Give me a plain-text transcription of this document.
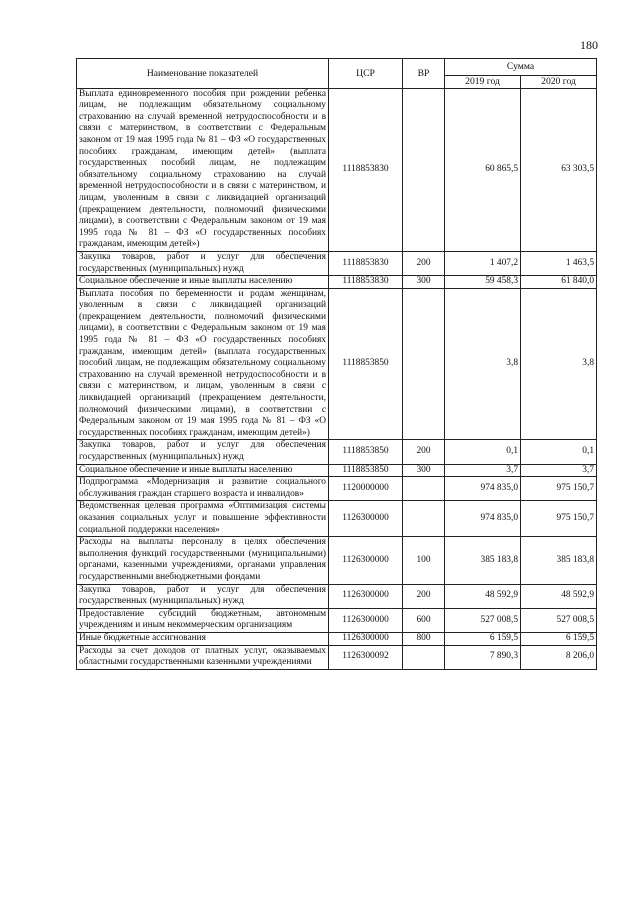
180
Наименование показателей	ЦСР	ВР	Сумма	
			2019 год	2020 год
Выплата единовременного пособия при рождении ребенка лицам, не подлежащим обязательному социальному страхованию на случай временной нетрудоспособности и в связи с материнством, в соответствии с Федеральным законом от 19 мая 1995 года № 81 – ФЗ «О государственных пособиях гражданам, имеющим детей» (выплата государственных пособий лицам, не подлежащим обязательному социальному страхованию на случай временной нетрудоспособности и в связи с материнством, и лицам, уволенным в связи с ликвидацией организаций (прекращением деятельности, полномочий физическими лицами), в соответствии с Федеральным законом от 19 мая 1995 года № 81 – ФЗ «О государственных пособиях гражданам, имеющим детей»)	1118853830		60 865,5	63 303,5
Закупка товаров, работ и услуг для обеспечения государственных (муниципальных) нужд	1118853830	200	1 407,2	1 463,5
Социальное обеспечение и иные выплаты населению	1118853830	300	59 458,3	61 840,0
Выплата пособия по беременности и родам женщинам, уволенным в связи с ликвидацией организаций (прекращением деятельности, полномочий физическими лицами), в соответствии с Федеральным законом от 19 мая 1995 года № 81 – ФЗ «О государственных пособиях гражданам, имеющим детей» (выплата государственных пособий лицам, не подлежащим обязательному социальному страхованию на случай временной нетрудоспособности и в связи с материнством, и лицам, уволенным в связи с ликвидацией организаций (прекращением деятельности, полномочий физическими лицами), в соответствии с Федеральным законом от 19 мая 1995 года № 81 – ФЗ «О государственных пособиях гражданам, имеющим детей»)	1118853850		3,8	3,8
Закупка товаров, работ и услуг для обеспечения государственных (муниципальных) нужд	1118853850	200	0,1	0,1
Социальное обеспечение и иные выплаты населению	1118853850	300	3,7	3,7
Подпрограмма «Модернизация и развитие социального обслуживания граждан старшего возраста и инвалидов»	1120000000		974 835,0	975 150,7
Ведомственная целевая программа «Оптимизация системы оказания социальных услуг и повышение эффективности социальной поддержки населения»	1126300000		974 835,0	975 150,7
Расходы на выплаты персоналу в целях обеспечения выполнения функций государственными (муниципальными) органами, казенными учреждениями, органами управления государственными внебюджетными фондами	1126300000	100	385 183,8	385 183,8
Закупка товаров, работ и услуг для обеспечения государственных (муниципальных) нужд	1126300000	200	48 592,9	48 592,9
Предоставление субсидий бюджетным, автономным учреждениям и иным некоммерческим организациям	1126300000	600	527 008,5	527 008,5
Иные бюджетные ассигнования	1126300000	800	6 159,5	6 159,5
Расходы за счет доходов от платных услуг, оказываемых областными государственными казенными учреждениями	1126300092		7 890,3	8 206,0
